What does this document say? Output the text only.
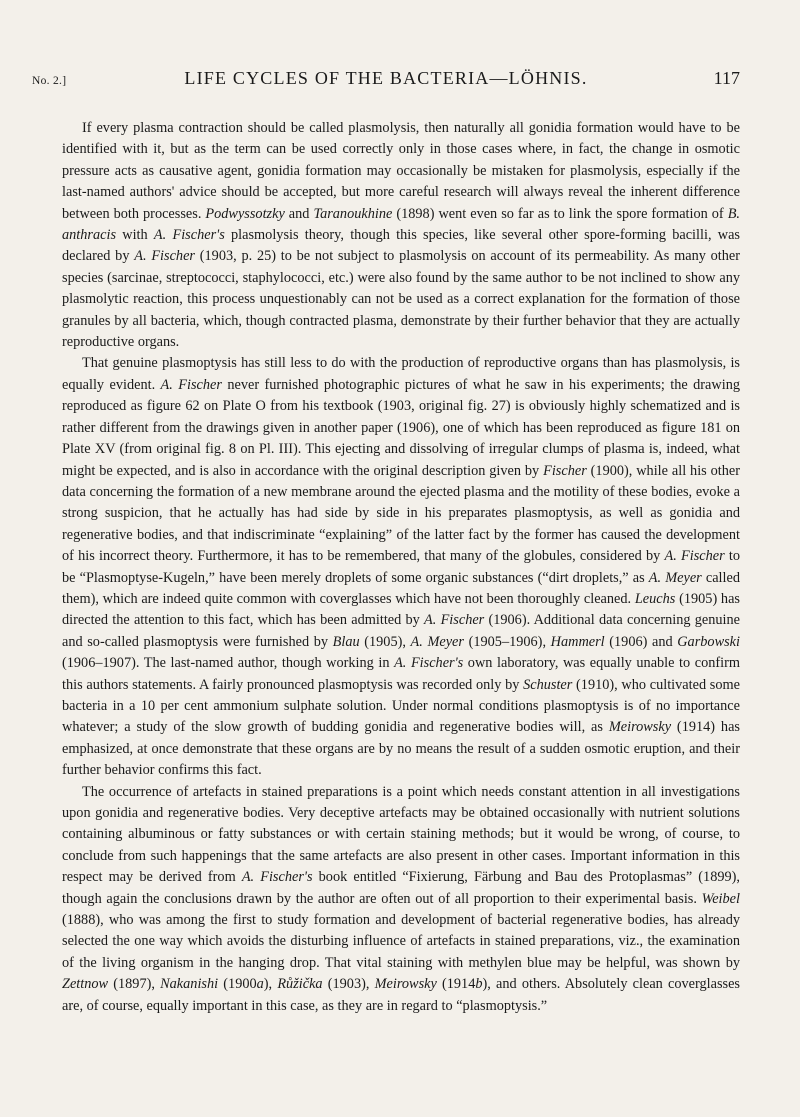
No. 2.]	LIFE CYCLES OF THE BACTERIA—LÖHNIS.	117

If every plasma contraction should be called plasmolysis, then naturally all gonidia formation would have to be identified with it, but as the term can be used correctly only in those cases where, in fact, the change in osmotic pressure acts as causative agent, gonidia formation may occasionally be mistaken for plasmolysis, especially if the last-named authors' advice should be accepted, but more careful research will always reveal the inherent difference between both processes. Podwyssotzky and Taranoukhine (1898) went even so far as to link the spore formation of B. anthracis with A. Fischer's plasmolysis theory, though this species, like several other spore-forming bacilli, was declared by A. Fischer (1903, p. 25) to be not subject to plasmolysis on account of its permeability. As many other species (sarcinae, streptococci, staphylococci, etc.) were also found by the same author to be not inclined to show any plasmolytic reaction, this process unquestionably can not be used as a correct explanation for the formation of those granules by all bacteria, which, though contracted plasma, demonstrate by their further behavior that they are actually reproductive organs.

That genuine plasmoptysis has still less to do with the production of reproductive organs than has plasmolysis, is equally evident. A. Fischer never furnished photographic pictures of what he saw in his experiments; the drawing reproduced as figure 62 on Plate O from his textbook (1903, original fig. 27) is obviously highly schematized and is rather different from the drawings given in another paper (1906), one of which has been reproduced as figure 181 on Plate XV (from original fig. 8 on Pl. III). This ejecting and dissolving of irregular clumps of plasma is, indeed, what might be expected, and is also in accordance with the original description given by Fischer (1900), while all his other data concerning the formation of a new membrane around the ejected plasma and the motility of these bodies, evoke a strong suspicion, that he actually has had side by side in his preparates plasmoptysis, as well as gonidia and regenerative bodies, and that indiscriminate “explaining” of the latter fact by the former has caused the development of his incorrect theory. Furthermore, it has to be remembered, that many of the globules, considered by A. Fischer to be “Plasmoptyse-Kugeln,” have been merely droplets of some organic substances (“dirt droplets,” as A. Meyer called them), which are indeed quite common with coverglasses which have not been thoroughly cleaned. Leuchs (1905) has directed the attention to this fact, which has been admitted by A. Fischer (1906). Additional data concerning genuine and so-called plasmoptysis were furnished by Blau (1905), A. Meyer (1905–1906), Hammerl (1906) and Garbowski (1906–1907). The last-named author, though working in A. Fischer's own laboratory, was equally unable to confirm this authors statements. A fairly pronounced plasmoptysis was recorded only by Schuster (1910), who cultivated some bacteria in a 10 per cent ammonium sulphate solution. Under normal conditions plasmoptysis is of no importance whatever; a study of the slow growth of budding gonidia and regenerative bodies will, as Meirowsky (1914) has emphasized, at once demonstrate that these organs are by no means the result of a sudden osmotic eruption, and their further behavior confirms this fact.

The occurrence of artefacts in stained preparations is a point which needs constant attention in all investigations upon gonidia and regenerative bodies. Very deceptive artefacts may be obtained occasionally with nutrient solutions containing albuminous or fatty substances or with certain staining methods; but it would be wrong, of course, to conclude from such happenings that the same artefacts are also present in other cases. Important information in this respect may be derived from A. Fischer's book entitled “Fixierung, Färbung and Bau des Protoplasmas” (1899), though again the conclusions drawn by the author are often out of all proportion to their experimental basis. Weibel (1888), who was among the first to study formation and development of bacterial regenerative bodies, has already selected the one way which avoids the disturbing influence of artefacts in stained preparations, viz., the examination of the living organism in the hanging drop. That vital staining with methylen blue may be helpful, was shown by Zettnow (1897), Nakanishi (1900a), Růžička (1903), Meirowsky (1914b), and others. Absolutely clean coverglasses are, of course, equally important in this case, as they are in regard to “plasmoptysis.”
